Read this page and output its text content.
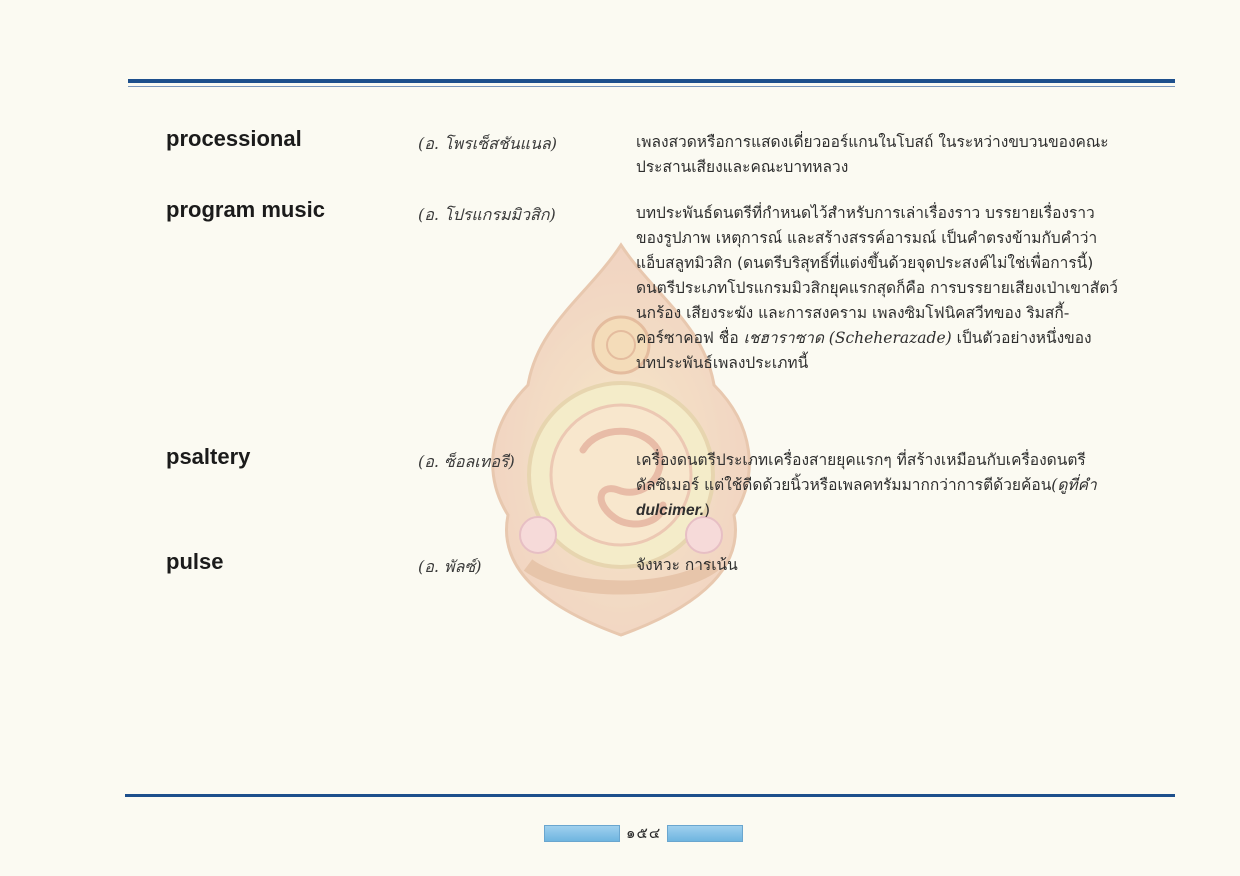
processional	(อ. โพรเซ็สชันแนล)	เพลงสวดหรือการแสดงเดี่ยวออร์แกนในโบสถ์ ในระหว่างขบวนของคณะ
ประสานเสียงและคณะบาทหลวง
program music	(อ. โปรแกรมมิวสิก)	บทประพันธ์ดนตรีที่กำหนดไว้สำหรับการเล่าเรื่องราว บรรยายเรื่องราว
ของรูปภาพ เหตุการณ์ และสร้างสรรค์อารมณ์ เป็นคำตรงข้ามกับคำว่า
แอ็บสลูทมิวสิก (ดนตรีบริสุทธิ์ที่แต่งขึ้นด้วยจุดประสงค์ไม่ใช่เพื่อการนี้)
ดนตรีประเภทโปรแกรมมิวสิกยุคแรกสุดก็คือ การบรรยายเสียงเป่าเขาสัตว์
นกร้อง เสียงระฆัง และการสงคราม เพลงซิมโฟนิคสวีทของ ริมสกี้-
คอร์ซาคอฟ ชื่อ เชฮาราซาด (Scheherazade) เป็นตัวอย่างหนึ่งของ
บทประพันธ์เพลงประเภทนี้
psaltery	(อ. ซ็อลเทอรี)	เครื่องดนตรีประเภทเครื่องสายยุคแรกๆ ที่สร้างเหมือนกับเครื่องดนตรี
ดัลซิเมอร์ แต่ใช้ดีดด้วยนิ้วหรือเพลคทรัมมากกว่าการตีด้วยค้อน(ดูที่คำ
dulcimer.)
pulse	(อ. พัลซ์)	จังหวะ การเน้น
๑๕๔
